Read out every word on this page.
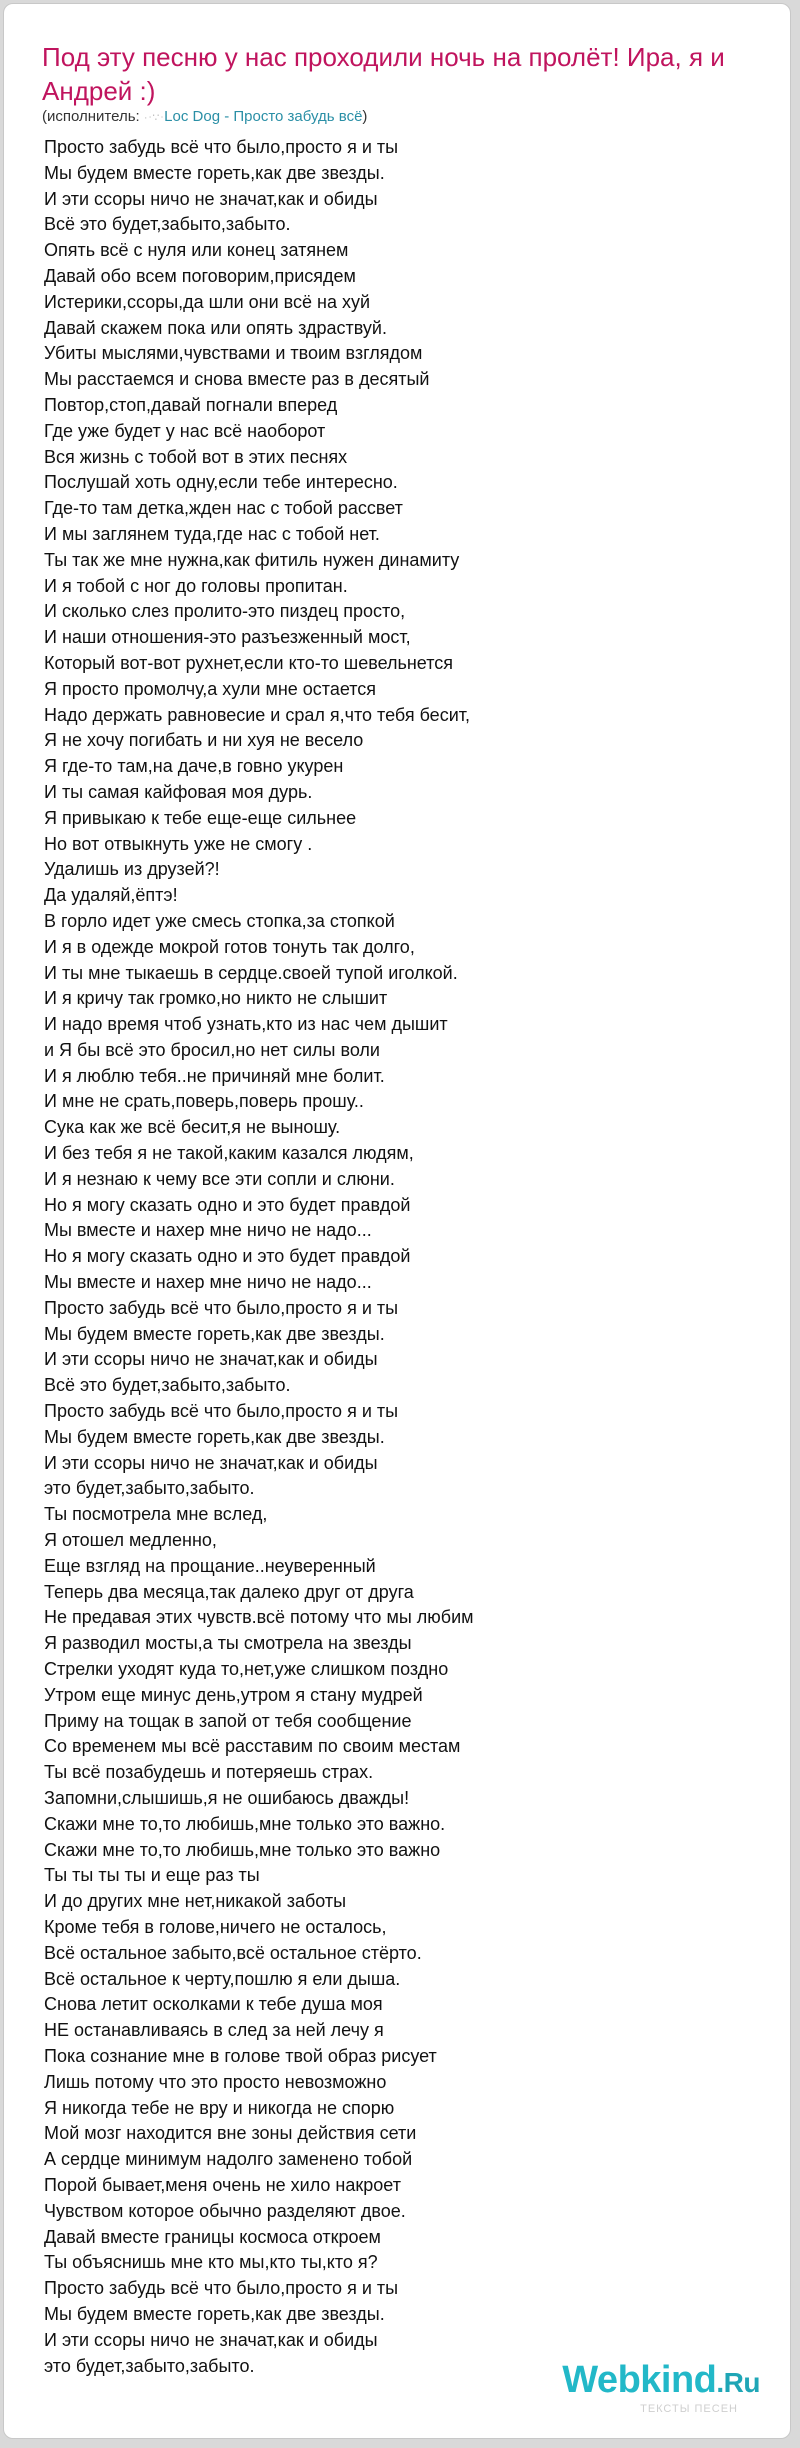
Под эту песню у нас проходили ночь на пролёт! Ира, я и Андрей :)
(исполнитель: ·ᐧ∵ᐧLoc Dog - Просто забудь всё)
Просто забудь всё что было,просто я и ты
Мы будем вместе гореть,как две звезды.
И эти ссоры ничо не значат,как и обиды
Всё это будет,забыто,забыто.
Опять всё с нуля или конец затянем
Давай обо всем поговорим,присядем
Истерики,ссоры,да шли они всё на хуй
Давай скажем пока или опять здраствуй.
Убиты мыслями,чувствами и твоим взглядом
Мы расстаемся и снова вместе раз в десятый
Повтор,стоп,давай погнали вперед
Где уже будет у нас всё наоборот
Вся жизнь с тобой вот в этих песнях
Послушай хоть одну,если тебе интересно.
Где-то там детка,жден нас с тобой рассвет
И мы заглянем туда,где нас с тобой нет.
Ты так же мне нужна,как фитиль нужен динамиту
И я тобой с ног до головы пропитан.
И сколько слез пролито-это пиздец просто,
И наши отношения-это разъезженный мост,
Который вот-вот рухнет,если кто-то шевельнется
Я просто промолчу,а хули мне остается
Надо держать равновесие и срал я,что тебя бесит,
Я не хочу погибать и ни хуя не весело
Я где-то там,на даче,в говно укурен
И ты самая кайфовая моя дурь.
Я привыкаю к тебе еще-еще сильнее
Но вот отвыкнуть уже не смогу .
Удалишь из друзей?!
Да удаляй,ёптэ!
В горло идет уже смесь стопка,за стопкой
И я в одежде мокрой готов тонуть так долго,
И ты мне тыкаешь в сердце.своей тупой иголкой.
И я кричу так громко,но никто не слышит
И надо время чтоб узнать,кто из нас чем дышит
и Я бы всё это бросил,но нет силы воли
И я люблю тебя..не причиняй мне болит.
И мне не срать,поверь,поверь прошу..
Сука как же всё бесит,я не выношу.
И без тебя я не такой,каким казался людям,
И я незнаю к чему все эти сопли и слюни.
Но я могу сказать одно и это будет правдой
Мы вместе и нахер мне ничо не надо...
Но я могу сказать одно и это будет правдой
Мы вместе и нахер мне ничо не надо...
Просто забудь всё что было,просто я и ты
Мы будем вместе гореть,как две звезды.
И эти ссоры ничо не значат,как и обиды
Всё это будет,забыто,забыто.
Просто забудь всё что было,просто я и ты
Мы будем вместе гореть,как две звезды.
И эти ссоры ничо не значат,как и обиды
это будет,забыто,забыто.
Ты посмотрела мне вслед,
Я отошел медленно,
Еще взгляд на прощание..неуверенный
Теперь два месяца,так далеко друг от друга
Не предавая этих чувств.всё потому что мы любим
Я разводил мосты,а ты смотрела на звезды
Стрелки уходят куда то,нет,уже слишком поздно
Утром еще минус день,утром я стану мудрей
Приму на тощак в запой от тебя сообщение
Со временем мы всё расставим по своим местам
Ты всё позабудешь и потеряешь страх.
Запомни,слышишь,я не ошибаюсь дважды!
Скажи мне то,то любишь,мне только это важно.
Скажи мне то,то любишь,мне только это важно
Ты ты ты ты и еще раз ты
И до других мне нет,никакой заботы
Кроме тебя в голове,ничего не осталось,
Всё остальное забыто,всё остальное стёрто.
Всё остальное к черту,пошлю я ели дыша.
Снова летит осколками к тебе душа моя
НЕ останавливаясь в след за ней лечу я
Пока сознание мне в голове твой образ рисует
Лишь потому что это просто невозможно
Я никогда тебе не вру и никогда не спорю
Мой мозг находится вне зоны действия сети
А сердце минимум надолго заменено тобой
Порой бывает,меня очень не хило накроет
Чувством которое обычно разделяют двое.
Давай вместе границы космоса откроем
Ты объяснишь мне кто мы,кто ты,кто я?
Просто забудь всё что было,просто я и ты
Мы будем вместе гореть,как две звезды.
И эти ссоры ничо не значат,как и обиды
это будет,забыто,забыто.	Webkind.Ru
ТЕКСТЫ ПЕСЕН
